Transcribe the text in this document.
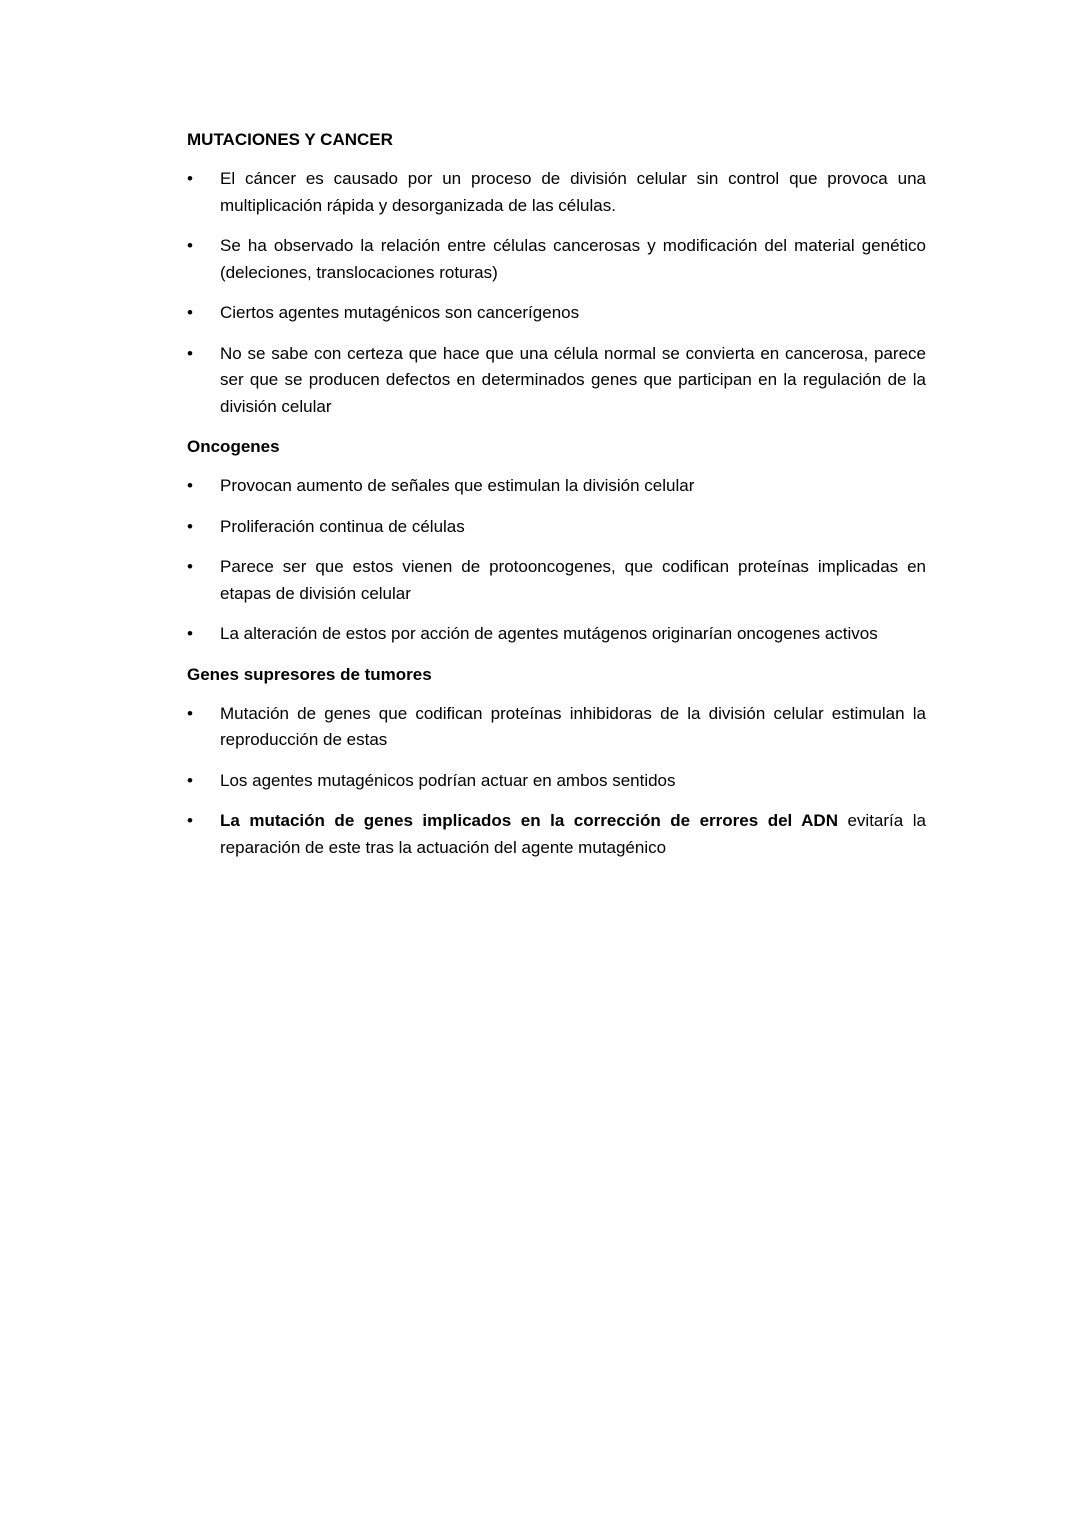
MUTACIONES Y CANCER
• El cáncer es causado por un proceso de división celular sin control que provoca una multiplicación rápida y desorganizada de las células.
• Se ha observado la relación entre células cancerosas y modificación del material genético (deleciones, translocaciones roturas)
• Ciertos agentes mutagénicos son cancerígenos
• No se sabe con certeza que hace que una célula normal se convierta en cancerosa, parece ser que se producen defectos en determinados genes que participan en la regulación de la división celular
Oncogenes
• Provocan aumento de señales que estimulan la división celular
• Proliferación continua de células
• Parece ser que estos vienen de protooncogenes, que codifican proteínas implicadas en etapas de división celular
• La alteración de estos por acción de agentes mutágenos originarían oncogenes activos
Genes supresores de tumores
• Mutación de genes que codifican proteínas inhibidoras de la división celular estimulan la reproducción de estas
• Los agentes mutagénicos podrían actuar en ambos sentidos
• La mutación de genes implicados en la corrección de errores del ADN evitaría la reparación de este tras la actuación del agente mutagénico
